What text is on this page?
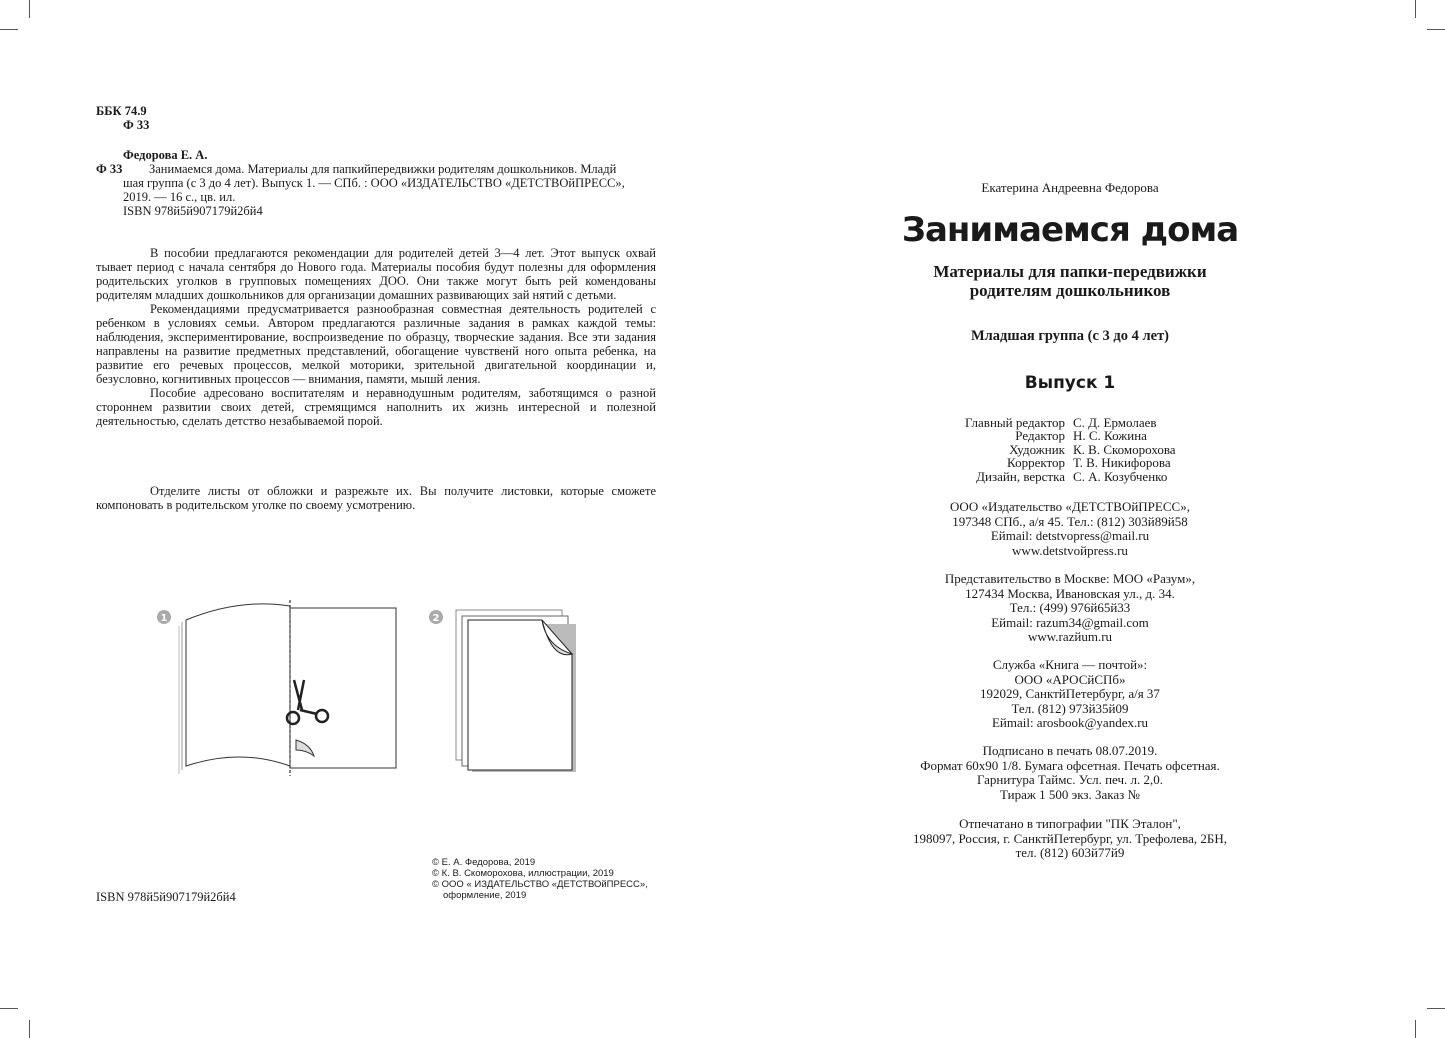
ББК 74.9
Ф 33
Федорова Е. А.
Ф 33	Занимаемся дома. Материалы для папкийпередвижки родителям дошкольников. Младй
шая группа (с 3 до 4 лет). Выпуск 1. — СПб. : ООО «ИЗДАТЕЛЬСТВО «ДЕТСТВОйПРЕСС»,
2019. — 16 с., цв. ил.
ISBN 978й5й907179й2бй4

В пособии предлагаются рекомендации для родителей детей 3—4 лет. Этот выпуск охвай тывает период с начала сентября до Нового года. Материалы пособия будут полезны для оформления родительских уголков в групповых помещениях ДОО. Они также могут быть рей комендованы родителям младших дошкольников для организации домашних развивающих зай нятий с детьми.

Рекомендациями предусматривается разнообразная совместная деятельность родителей с ребенком в условиях семьи. Автором предлагаются различные задания в рамках каждой темы: наблюдения, экспериментирование, воспроизведение по образцу, творческие задания. Все эти задания направлены на развитие предметных представлений, обогащение чувственй ного опыта ребенка, на развитие его речевых процессов, мелкой моторики, зрительной двигательной координации и, безусловно, когнитивных процессов — внимания, памяти, мышй ления.

Пособие адресовано воспитателям и неравнодушным родителям, заботящимся о разной стороннем развитии своих детей, стремящимся наполнить их жизнь интересной и полезной деятельностью, сделать детство незабываемой порой.

Отделите листы от обложки и разрежьте их. Вы получите листовки, которые сможете компоновать в родительском уголке по своему усмотрению.

1	2
ISBN 978й5й907179й2бй4
© Е. А. Федорова, 2019
© К. В. Скоморохова, иллюстрации, 2019
© ООО « ИЗДАТЕЛЬСТВО «ДЕТСТВОйПРЕСС»,
оформление, 2019
Екатерина Андреевна Федорова
Занимаемся дома
Материалы для папки-передвижки
родителям дошкольников
Младшая группа (с 3 до 4 лет)
Выпуск 1
Главный редактор С. Д. Ермолаев
Редактор Н. С. Кожина
Художник К. В. Скоморохова
Корректор Т. В. Никифорова
Дизайн, верстка С. А. Козубченко
ООО «Издательство «ДЕТСТВОйПРЕСС»,
197348 СПб., а/я 45. Тел.: (812) 303й89й58
Ейmail: detstvopress@mail.ru
www.detstvoйpress.ru
Представительство в Москве: МОО «Разум»,
127434 Москва, Ивановская ул., д. 34.
Тел.: (499) 976й65й33
Ейmail: razum34@gmail.com
www.razйum.ru
Служба «Книга — почтой»:
ООО «АРОСйСПб»
192029, СанктйПетербург, а/я 37
Тел. (812) 973й35й09
Ейmail: arosbook@yandex.ru
Подписано в печать 08.07.2019.
Формат 60х90 1/8. Бумага офсетная. Печать офсетная.
Гарнитура Таймс. Усл. печ. л. 2,0.
Тираж 1 500 экз. Заказ №
Отпечатано в типографии "ПК Эталон",
198097, Россия, г. СанктйПетербург, ул. Трефолева, 2БН,
тел. (812) 603й77й9
